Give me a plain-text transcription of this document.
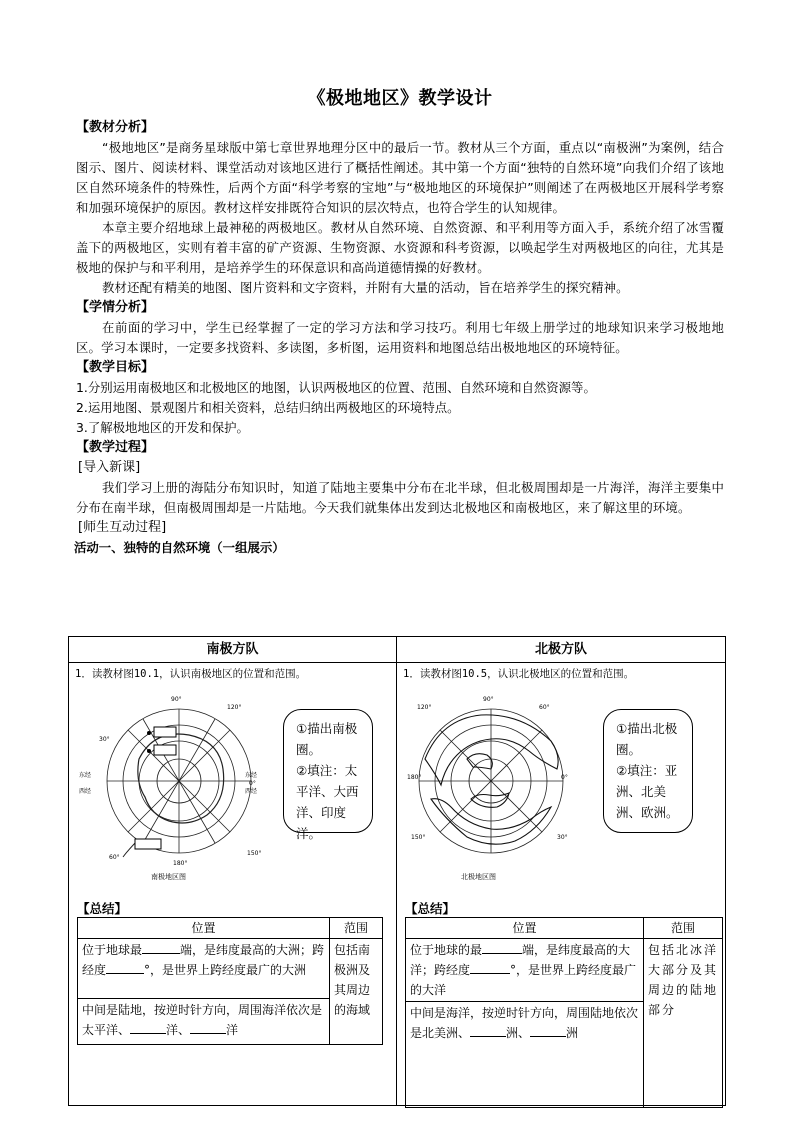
《极地地区》教学设计
【教材分析】
“极地地区”是商务星球版中第七章世界地理分区中的最后一节。教材从三个方面，重点以“南极洲”为案例，结合图示、图片、阅读材料、课堂活动对该地区进行了概括性阐述。其中第一个方面“独特的自然环境”向我们介绍了该地区自然环境条件的特殊性，后两个方面“科学考察的宝地”与“极地地区的环境保护”则阐述了在两极地区开展科学考察和加强环境保护的原因。教材这样安排既符合知识的层次特点，也符合学生的认知规律。
本章主要介绍地球上最神秘的两极地区。教材从自然环境、自然资源、和平利用等方面入手，系统介绍了冰雪覆盖下的两极地区，实则有着丰富的矿产资源、生物资源、水资源和科考资源，以唤起学生对两极地区的向往，尤其是极地的保护与和平利用，是培养学生的环保意识和高尚道德情操的好教材。
教材还配有精美的地图、图片资料和文字资料，并附有大量的活动，旨在培养学生的探究精神。
【学情分析】
在前面的学习中，学生已经掌握了一定的学习方法和学习技巧。利用七年级上册学过的地球知识来学习极地地区。学习本课时，一定要多找资料、多读图，多析图，运用资料和地图总结出极地地区的环境特征。
【教学目标】
1.分别运用南极地区和北极地区的地图，认识两极地区的位置、范围、自然环境和自然资源等。
2.运用地图、景观图片和相关资料，总结归纳出两极地区的环境特点。
3.了解极地地区的开发和保护。
【教学过程】
[导入新课]
我们学习上册的海陆分布知识时，知道了陆地主要集中分布在北半球，但北极周围却是一片海洋，海洋主要集中分布在南半球，但南极周围却是一片陆地。今天我们就集体出发到达北极地区和南极地区，来了解这里的环境。
[师生互动过程]
活动一、独特的自然环境（一组展示）
南极方队
1．读教材图10.1，认识南极地区的位置和范围。
90°
120°
30°
150°
180°
60°
东经
西经
东经
西经
0°
南极地区图
①描出南极圈。
②填注：太平洋、大西洋、印度洋。
【总结】
位置	范围
位于地球最 端，是纬度最高的大洲；跨经度 °，是世界上跨经度最广的大洲	包括南极洲及其周边的海域
中间是陆地，按逆时针方向，周围海洋依次是太平洋、 洋、 洋	
北极方队
1．读教材图10.5，认识北极地区的位置和范围。
90°
60°
120°
180°	0°
30°
150°
北极地区图
①描出北极圈。
②填注：亚洲、北美洲、欧洲。
【总结】
位置	范围
位于地球的最 端，是纬度最高的大洋；跨经度 °，是世界上跨经度最广的大洋	包括北冰洋大部分及其周边的陆地部分
中间是海洋，按逆时针方向，周围陆地依次是北美洲、 洲、 洲	
